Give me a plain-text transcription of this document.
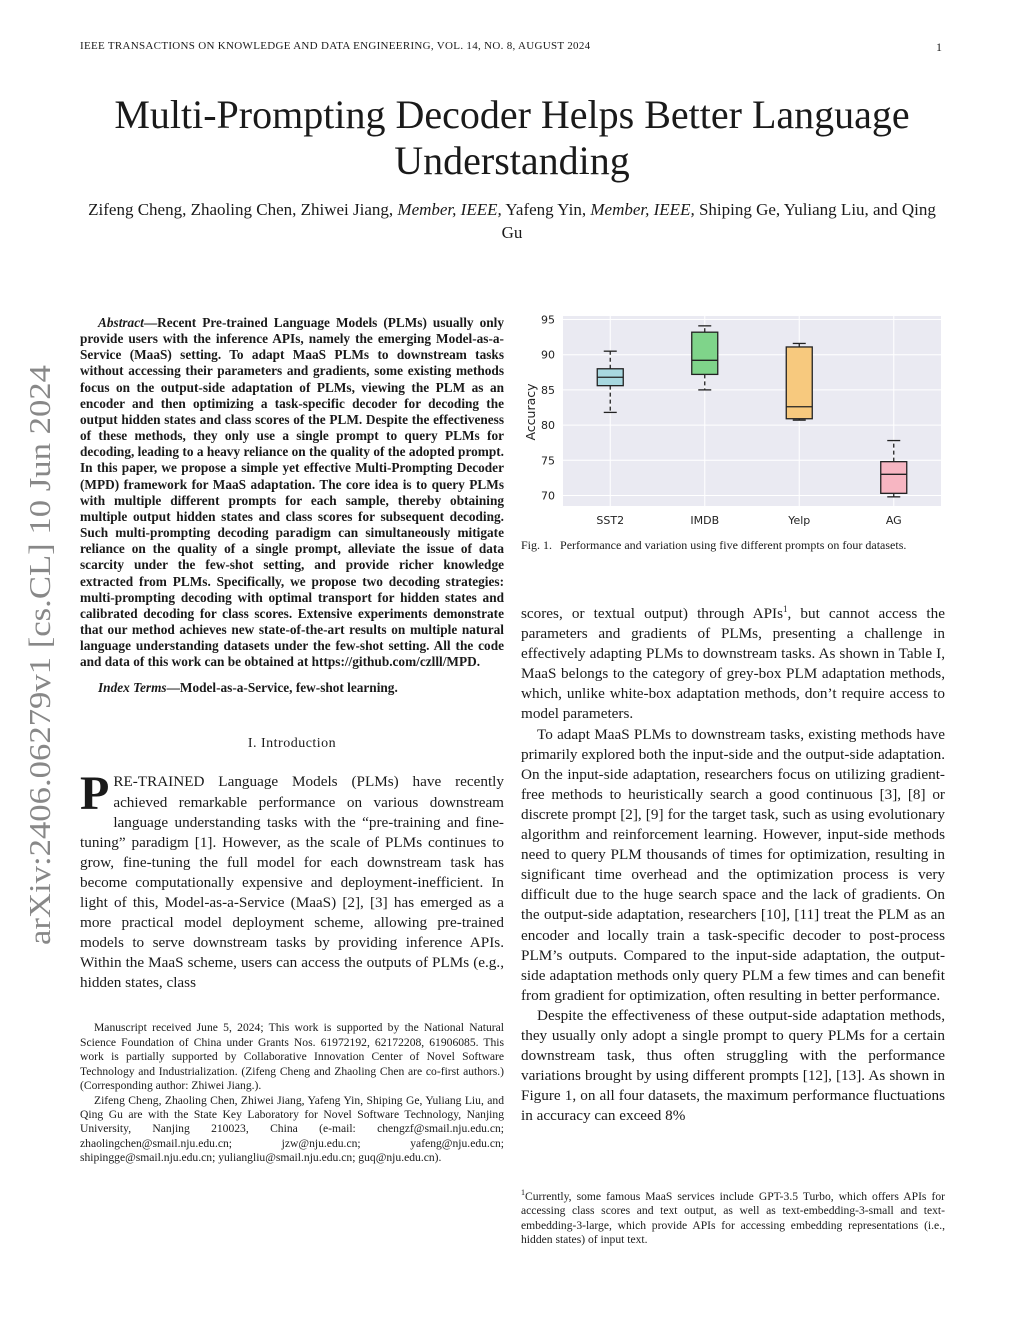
IEEE TRANSACTIONS ON KNOWLEDGE AND DATA ENGINEERING, VOL. 14, NO. 8, AUGUST 2024	1
arXiv:2406.06279v1 [cs.CL] 10 Jun 2024
Multi-Prompting Decoder Helps Better Language Understanding
Zifeng Cheng, Zhaoling Chen, Zhiwei Jiang, Member, IEEE, Yafeng Yin, Member, IEEE, Shiping Ge, Yuliang Liu, and Qing Gu

Abstract—Recent Pre-trained Language Models (PLMs) usually only provide users with the inference APIs, namely the emerging Model-as-a-Service (MaaS) setting. To adapt MaaS PLMs to downstream tasks without accessing their parameters and gradients, some existing methods focus on the output-side adaptation of PLMs, viewing the PLM as an encoder and then optimizing a task-specific decoder for decoding the output hidden states and class scores of the PLM. Despite the effectiveness of these methods, they only use a single prompt to query PLMs for decoding, leading to a heavy reliance on the quality of the adopted prompt. In this paper, we propose a simple yet effective Multi-Prompting Decoder (MPD) framework for MaaS adaptation. The core idea is to query PLMs with multiple different prompts for each sample, thereby obtaining multiple output hidden states and class scores for subsequent decoding. Such multi-prompting decoding paradigm can simultaneously mitigate reliance on the quality of a single prompt, alleviate the issue of data scarcity under the few-shot setting, and provide richer knowledge extracted from PLMs. Specifically, we propose two decoding strategies: multi-prompting decoding with optimal transport for hidden states and calibrated decoding for class scores. Extensive experiments demonstrate that our method achieves new state-of-the-art results on multiple natural language understanding datasets under the few-shot setting. All the code and data of this work can be obtained at https://github.com/czlll/MPD.

Index Terms—Model-as-a-Service, few-shot learning.

I. Introduction

PRE-TRAINED Language Models (PLMs) have recently achieved remarkable performance on various downstream language understanding tasks with the “pre-training and fine-tuning” paradigm [1]. However, as the scale of PLMs continues to grow, fine-tuning the full model for each downstream task has become computationally expensive and deployment-inefficient. In light of this, Model-as-a-Service (MaaS) [2], [3] has emerged as a more practical model deployment scheme, allowing pre-trained models to serve downstream tasks by providing inference APIs. Within the MaaS scheme, users can access the outputs of PLMs (e.g., hidden states, class

Manuscript received June 5, 2024; This work is supported by the National Natural Science Foundation of China under Grants Nos. 61972192, 62172208, 61906085. This work is partially supported by Collaborative Innovation Center of Novel Software Technology and Industrialization. (Zifeng Cheng and Zhaoling Chen are co-first authors.) (Corresponding author: Zhiwei Jiang.).

Zifeng Cheng, Zhaoling Chen, Zhiwei Jiang, Yafeng Yin, Shiping Ge, Yuliang Liu, and Qing Gu are with the State Key Laboratory for Novel Software Technology, Nanjing University, Nanjing 210023, China (e-mail: chengzf@smail.nju.edu.cn; zhaolingchen@smail.nju.edu.cn; jzw@nju.edu.cn; yafeng@nju.edu.cn; shipingge@smail.nju.edu.cn; yuliangliu@smail.nju.edu.cn; guq@nju.edu.cn).

70
75
80
85
90
95
SST2	IMDB	Yelp	AG
Accuracy
Fig. 1. Performance and variation using five different prompts on four datasets.

scores, or textual output) through APIs$^1$, but cannot access the parameters and gradients of PLMs, presenting a challenge in effectively adapting PLMs to downstream tasks. As shown in Table I, MaaS belongs to the category of grey-box PLM adaptation methods, which, unlike white-box adaptation methods, don’t require access to model parameters.

To adapt MaaS PLMs to downstream tasks, existing methods have primarily explored both the input-side and the output-side adaptation. On the input-side adaptation, researchers focus on utilizing gradient-free methods to heuristically search a good continuous [3], [8] or discrete prompt [2], [9] for the target task, such as using evolutionary algorithm and reinforcement learning. However, input-side methods need to query PLM thousands of times for optimization, resulting in significant time overhead and the optimization process is very difficult due to the huge search space and the lack of gradients. On the output-side adaptation, researchers [10], [11] treat the PLM as an encoder and locally train a task-specific decoder to post-process PLM’s outputs. Compared to the input-side adaptation, the output-side adaptation methods only query PLM a few times and can benefit from gradient for optimization, often resulting in better performance.

Despite the effectiveness of these output-side adaptation methods, they usually only adopt a single prompt to query PLMs for a certain downstream task, thus often struggling with the performance variations brought by using different prompts [12], [13]. As shown in Figure 1, on all four datasets, the maximum performance fluctuations in accuracy can exceed 8%

$^1$Currently, some famous MaaS services include GPT-3.5 Turbo, which offers APIs for accessing class scores and text output, as well as text-embedding-3-small and text-embedding-3-large, which provide APIs for accessing embedding representations (i.e., hidden states) of input text.
